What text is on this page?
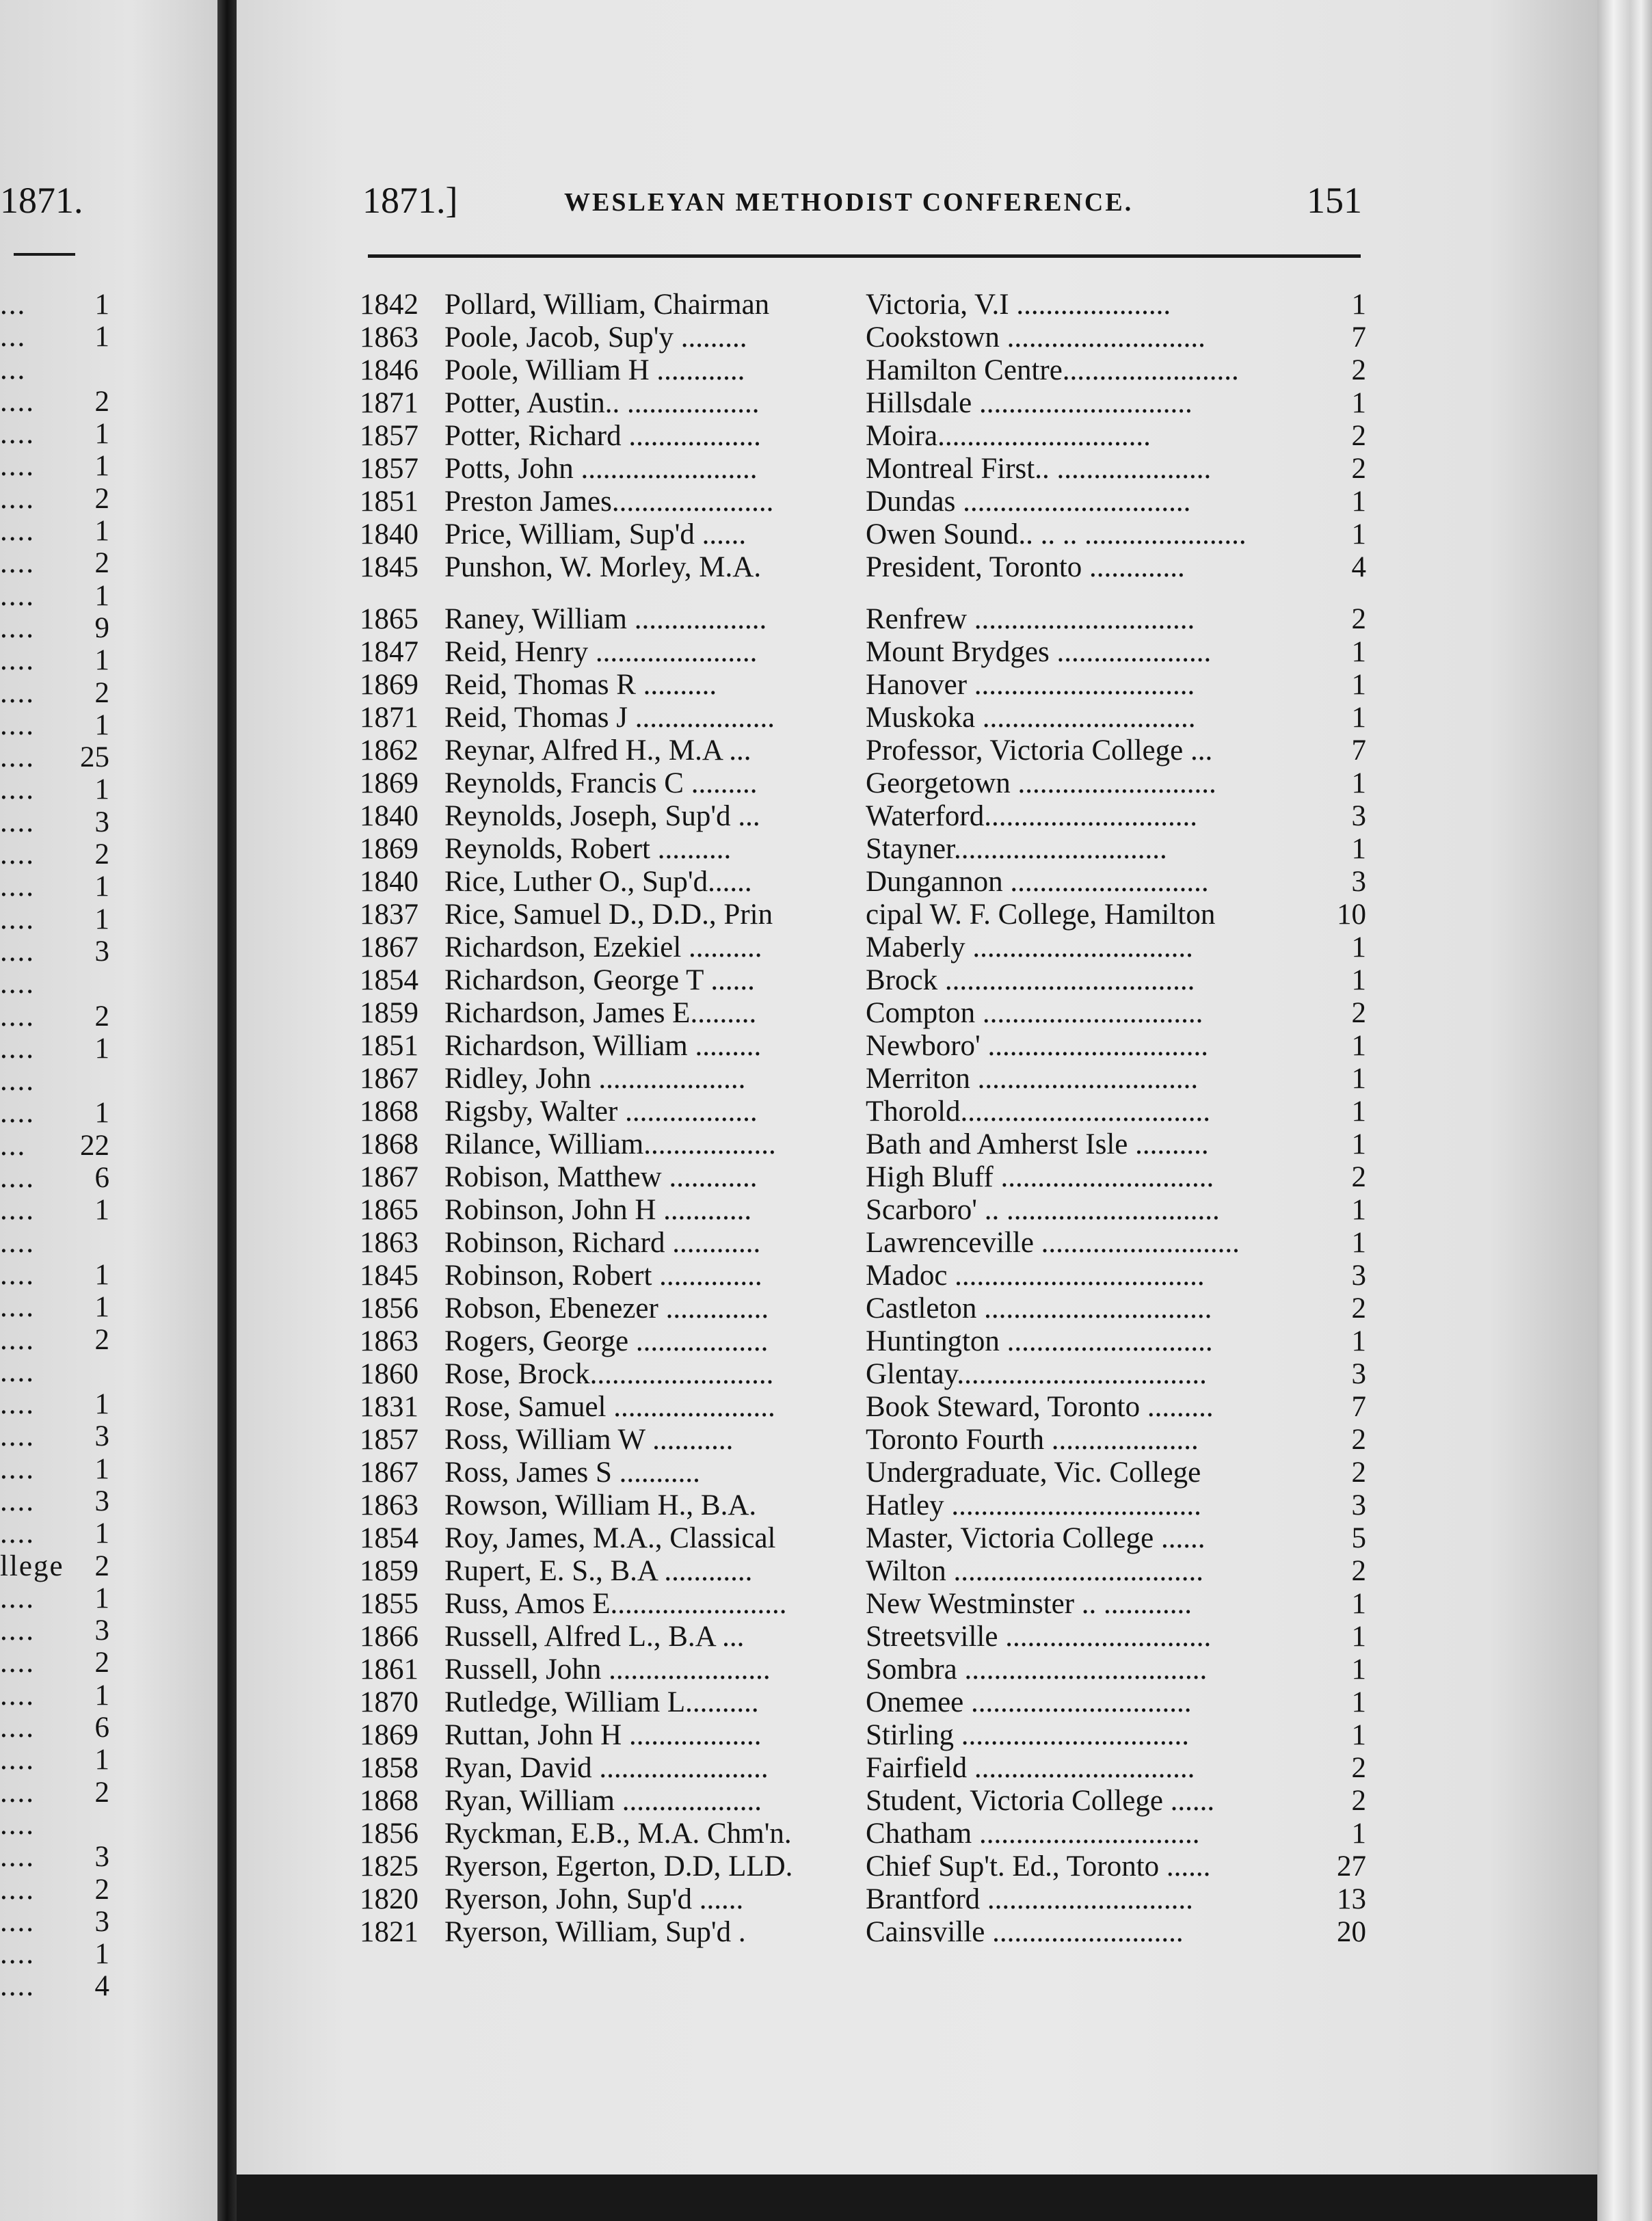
1871.
... 1
... 1
...
.... 2
.... 1
.... 1
.... 2
.... 1
.... 2
.... 1
.... 9
.... 1
.... 2
.... 1
.... 25
.... 1
.... 3
.... 2
.... 1
.... 1
.... 3
....
.... 2
.... 1
....
.... 1
... 22
.... 6
.... 1
....
.... 1
.... 1
.... 2
....
.... 1
.... 3
.... 1
.... 3
.... 1
llege 2
.... 1
.... 3
.... 2
.... 1
.... 6
.... 1
.... 2
....
.... 3
.... 2
.... 3
.... 1
.... 4
1871.]	WESLEYAN METHODIST CONFERENCE.	151
1842 Pollard, William, Chairman	Victoria, V.I .....................	1
1863 Poole, Jacob, Sup'y .........	Cookstown ...........................	7
1846 Poole, William H ............	Hamilton Centre........................	2
1871 Potter, Austin.. ..................	Hillsdale .............................	1
1857 Potter, Richard ..................	Moira.............................	2
1857 Potts, John ........................	Montreal First.. .....................	2
1851 Preston James......................	Dundas ...............................	1
1840 Price, William, Sup'd ......	Owen Sound.. .. .. ......................	1
1845 Punshon, W. Morley, M.A.	President, Toronto .............	4
1865 Raney, William ..................	Renfrew ..............................	2
1847 Reid, Henry ......................	Mount Brydges .....................	1
1869 Reid, Thomas R ..........	Hanover ..............................	1
1871 Reid, Thomas J ...................	Muskoka .............................	1
1862 Reynar, Alfred H., M.A ...	Professor, Victoria College ...	7
1869 Reynolds, Francis C .........	Georgetown ...........................	1
1840 Reynolds, Joseph, Sup'd ...	Waterford.............................	3
1869 Reynolds, Robert ..........	Stayner.............................	1
1840 Rice, Luther O., Sup'd......	Dungannon ...........................	3
1837 Rice, Samuel D., D.D., Prin	cipal W. F. College, Hamilton	10
1867 Richardson, Ezekiel ..........	Maberly ..............................	1
1854 Richardson, George T ......	Brock ..................................	1
1859 Richardson, James E.........	Compton ..............................	2
1851 Richardson, William .........	Newboro' ..............................	1
1867 Ridley, John ....................	Merriton ..............................	1
1868 Rigsby, Walter ..................	Thorold..................................	1
1868 Rilance, William..................	Bath and Amherst Isle ..........	1
1867 Robison, Matthew ............	High Bluff .............................	2
1865 Robinson, John H ............	Scarboro' .. .............................	1
1863 Robinson, Richard ............	Lawrenceville ...........................	1
1845 Robinson, Robert ..............	Madoc ..................................	3
1856 Robson, Ebenezer ..............	Castleton ...............................	2
1863 Rogers, George ..................	Huntington ............................	1
1860 Rose, Brock.........................	Glentay..................................	3
1831 Rose, Samuel ......................	Book Steward, Toronto .........	7
1857 Ross, William W ...........	Toronto Fourth ....................	2
1867 Ross, James S ...........	Undergraduate, Vic. College	2
1863 Rowson, William H., B.A.	Hatley ..................................	3
1854 Roy, James, M.A., Classical	Master, Victoria College ......	5
1859 Rupert, E. S., B.A ............	Wilton ..................................	2
1855 Russ, Amos E........................	New Westminster .. ............	1
1866 Russell, Alfred L., B.A ...	Streetsville ............................	1
1861 Russell, John ......................	Sombra .................................	1
1870 Rutledge, William L..........	Onemee ..............................	1
1869 Ruttan, John H ..................	Stirling ...............................	1
1858 Ryan, David .......................	Fairfield ..............................	2
1868 Ryan, William ...................	Student, Victoria College ......	2
1856 Ryckman, E.B., M.A. Chm'n.	Chatham ..............................	1
1825 Ryerson, Egerton, D.D, LLD.	Chief Sup't. Ed., Toronto ......	27
1820 Ryerson, John, Sup'd ......	Brantford ............................	13
1821 Ryerson, William, Sup'd .	Cainsville ..........................	20
